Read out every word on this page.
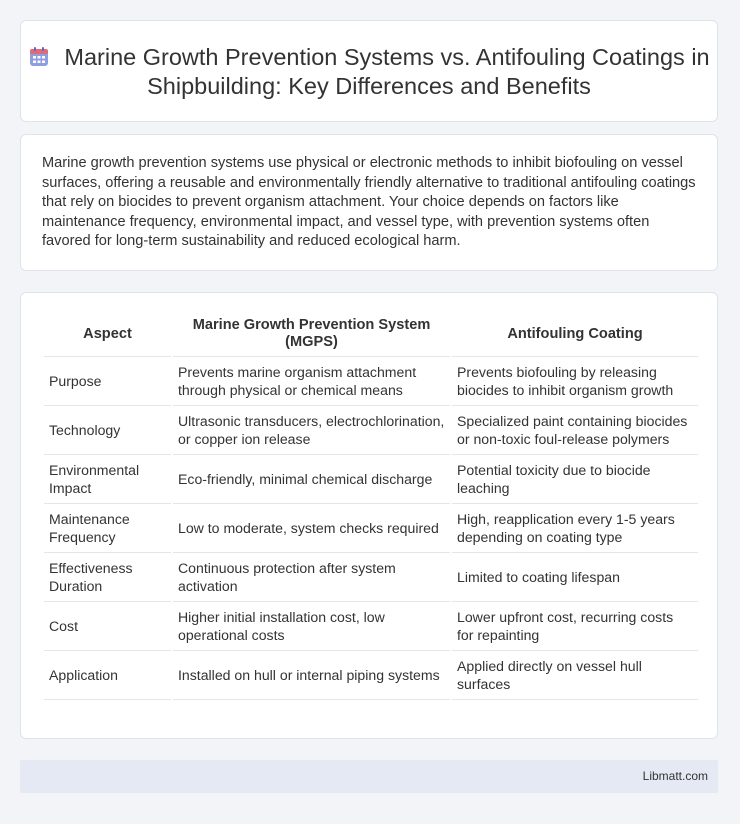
Marine Growth Prevention Systems vs. Antifouling Coatings in Shipbuilding: Key Differences and Benefits
Marine growth prevention systems use physical or electronic methods to inhibit biofouling on vessel surfaces, offering a reusable and environmentally friendly alternative to traditional antifouling coatings that rely on biocides to prevent organism attachment. Your choice depends on factors like maintenance frequency, environmental impact, and vessel type, with prevention systems often favored for long-term sustainability and reduced ecological harm.
Aspect	Marine Growth Prevention System (MGPS)	Antifouling Coating
Purpose	Prevents marine organism attachment through physical or chemical means	Prevents biofouling by releasing biocides to inhibit organism growth
Technology	Ultrasonic transducers, electrochlorination, or copper ion release	Specialized paint containing biocides or non-toxic foul-release polymers
Environmental Impact	Eco-friendly, minimal chemical discharge	Potential toxicity due to biocide leaching
Maintenance Frequency	Low to moderate, system checks required	High, reapplication every 1-5 years depending on coating type
Effectiveness Duration	Continuous protection after system activation	Limited to coating lifespan
Cost	Higher initial installation cost, low operational costs	Lower upfront cost, recurring costs for repainting
Application	Installed on hull or internal piping systems	Applied directly on vessel hull surfaces
Libmatt.com
